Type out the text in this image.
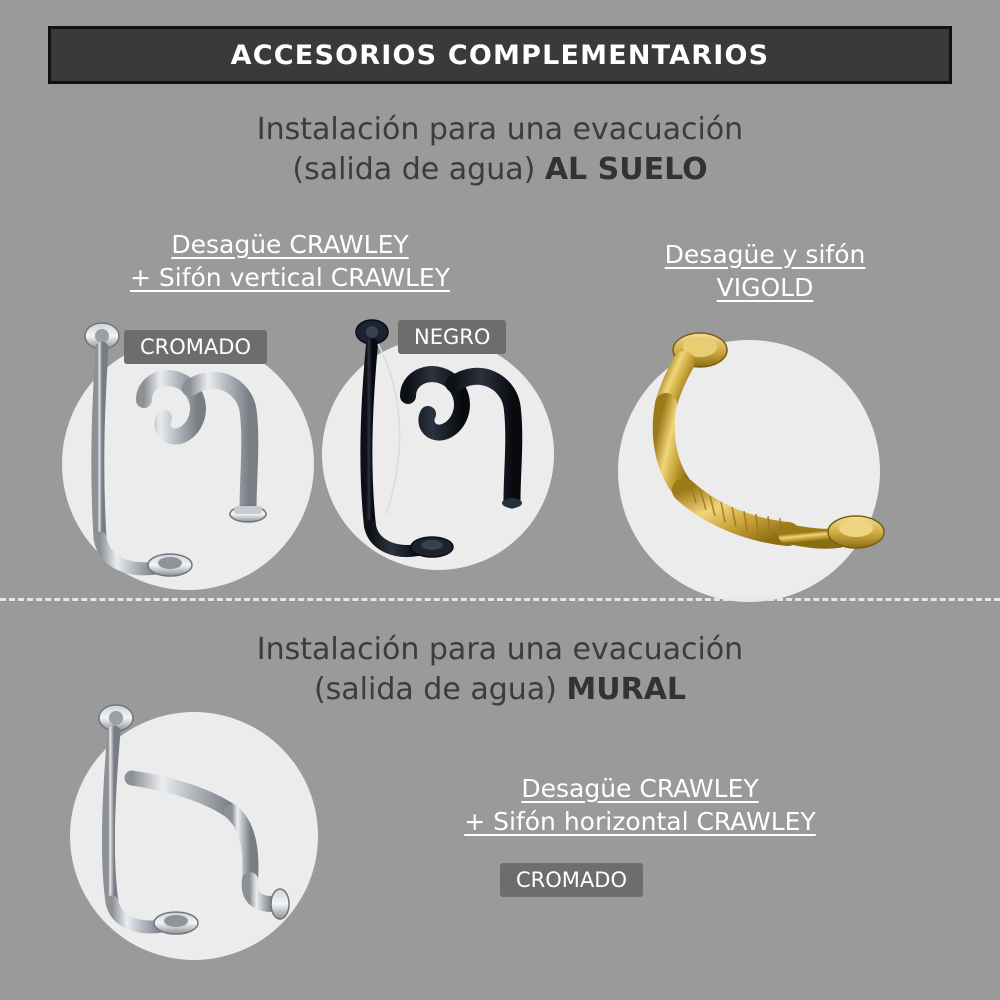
ACCESORIOS COMPLEMENTARIOS
Instalación para una evacuación
(salida de agua) AL SUELO
Desagüe CRAWLEY
+ Sifón vertical CRAWLEY
Desagüe y sifón
VIGOLD
CROMADO	NEGRO
Instalación para una evacuación
(salida de agua) MURAL
Desagüe CRAWLEY
+ Sifón horizontal CRAWLEY
CROMADO
